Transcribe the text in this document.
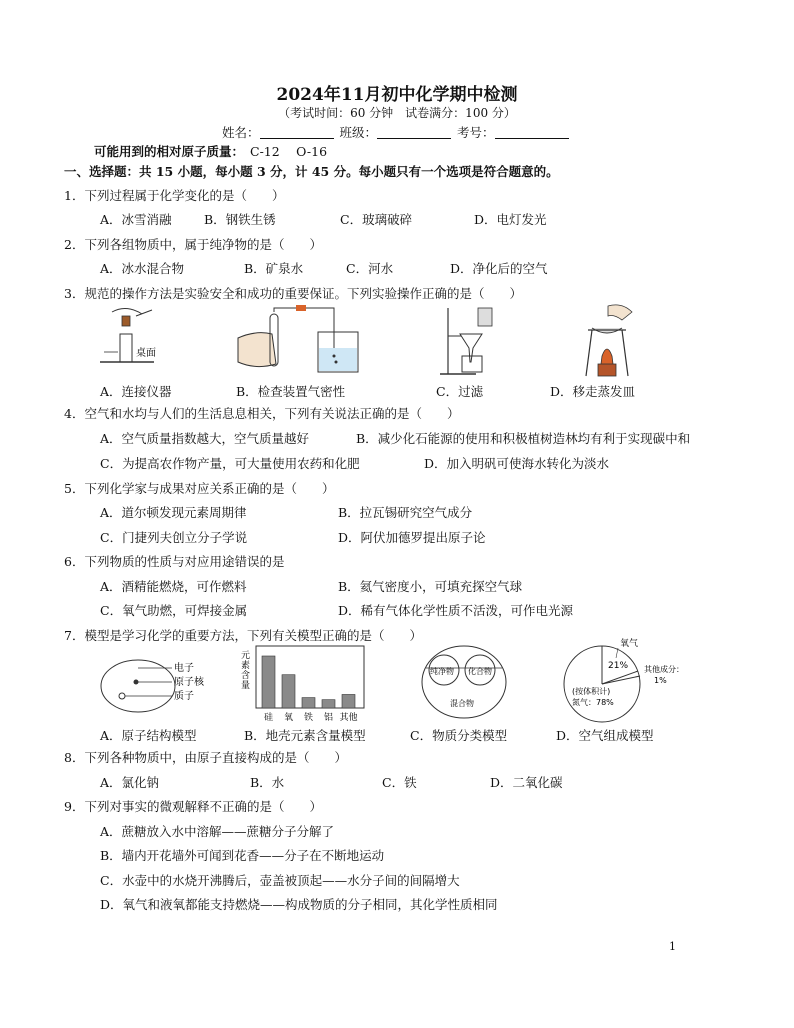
2024年11月初中化学期中检测
（考试时间：60 分钟　试卷满分：100 分）
姓名：	班级：	考号：
可能用到的相对原子质量： C-12　 O-16
一、选择题：共 15 小题，每小题 3 分，计 45 分。每小题只有一个选项是符合题意的。
1．下列过程属于化学变化的是（　　）
A．冰雪消融	B．钢铁生锈	C．玻璃破碎	D．电灯发光
2．下列各组物质中，属于纯净物的是（　　）
A．冰水混合物	B．矿泉水	C．河水	D．净化后的空气
3．规范的操作方法是实验安全和成功的重要保证。下列实验操作正确的是（　　）
桌面
A．连接仪器	B．检查装置气密性	C．过滤	D．移走蒸发皿
4．空气和水均与人们的生活息息相关，下列有关说法正确的是（　　）
A．空气质量指数越大，空气质量越好	B．减少化石能源的使用和积极植树造林均有利于实现碳中和
C．为提高农作物产量，可大量使用农药和化肥	D．加入明矾可使海水转化为淡水
5．下列化学家与成果对应关系正确的是（　　）
A．道尔顿发现元素周期律	B．拉瓦锡研究空气成分
C．门捷列夫创立分子学说	D．阿伏加德罗提出原子论
6．下列物质的性质与对应用途错误的是
A．酒精能燃烧，可作燃料	B．氦气密度小，可填充探空气球
C．氧气助燃，可焊接金属	D．稀有气体化学性质不活泼，可作电光源
7．模型是学习化学的重要方法，下列有关模型正确的是（　　）
电子
原子核
质子
元素含量
硅 氧 铁 铝 其他
纯净物 化合物
混合物
氧气
21% 其他成分：
1%
(按体积计)
氮气：78%
A．原子结构模型	B．地壳元素含量模型	C．物质分类模型	D．空气组成模型
8．下列各种物质中，由原子直接构成的是（　　）
A．氯化钠	B．水	C．铁	D．二氧化碳
9．下列对事实的微观解释不正确的是（　　）
A．蔗糖放入水中溶解——蔗糖分子分解了
B．墙内开花墙外可闻到花香——分子在不断地运动
C．水壶中的水烧开沸腾后，壶盖被顶起——水分子间的间隔增大
D．氧气和液氧都能支持燃烧——构成物质的分子相同，其化学性质相同
1
